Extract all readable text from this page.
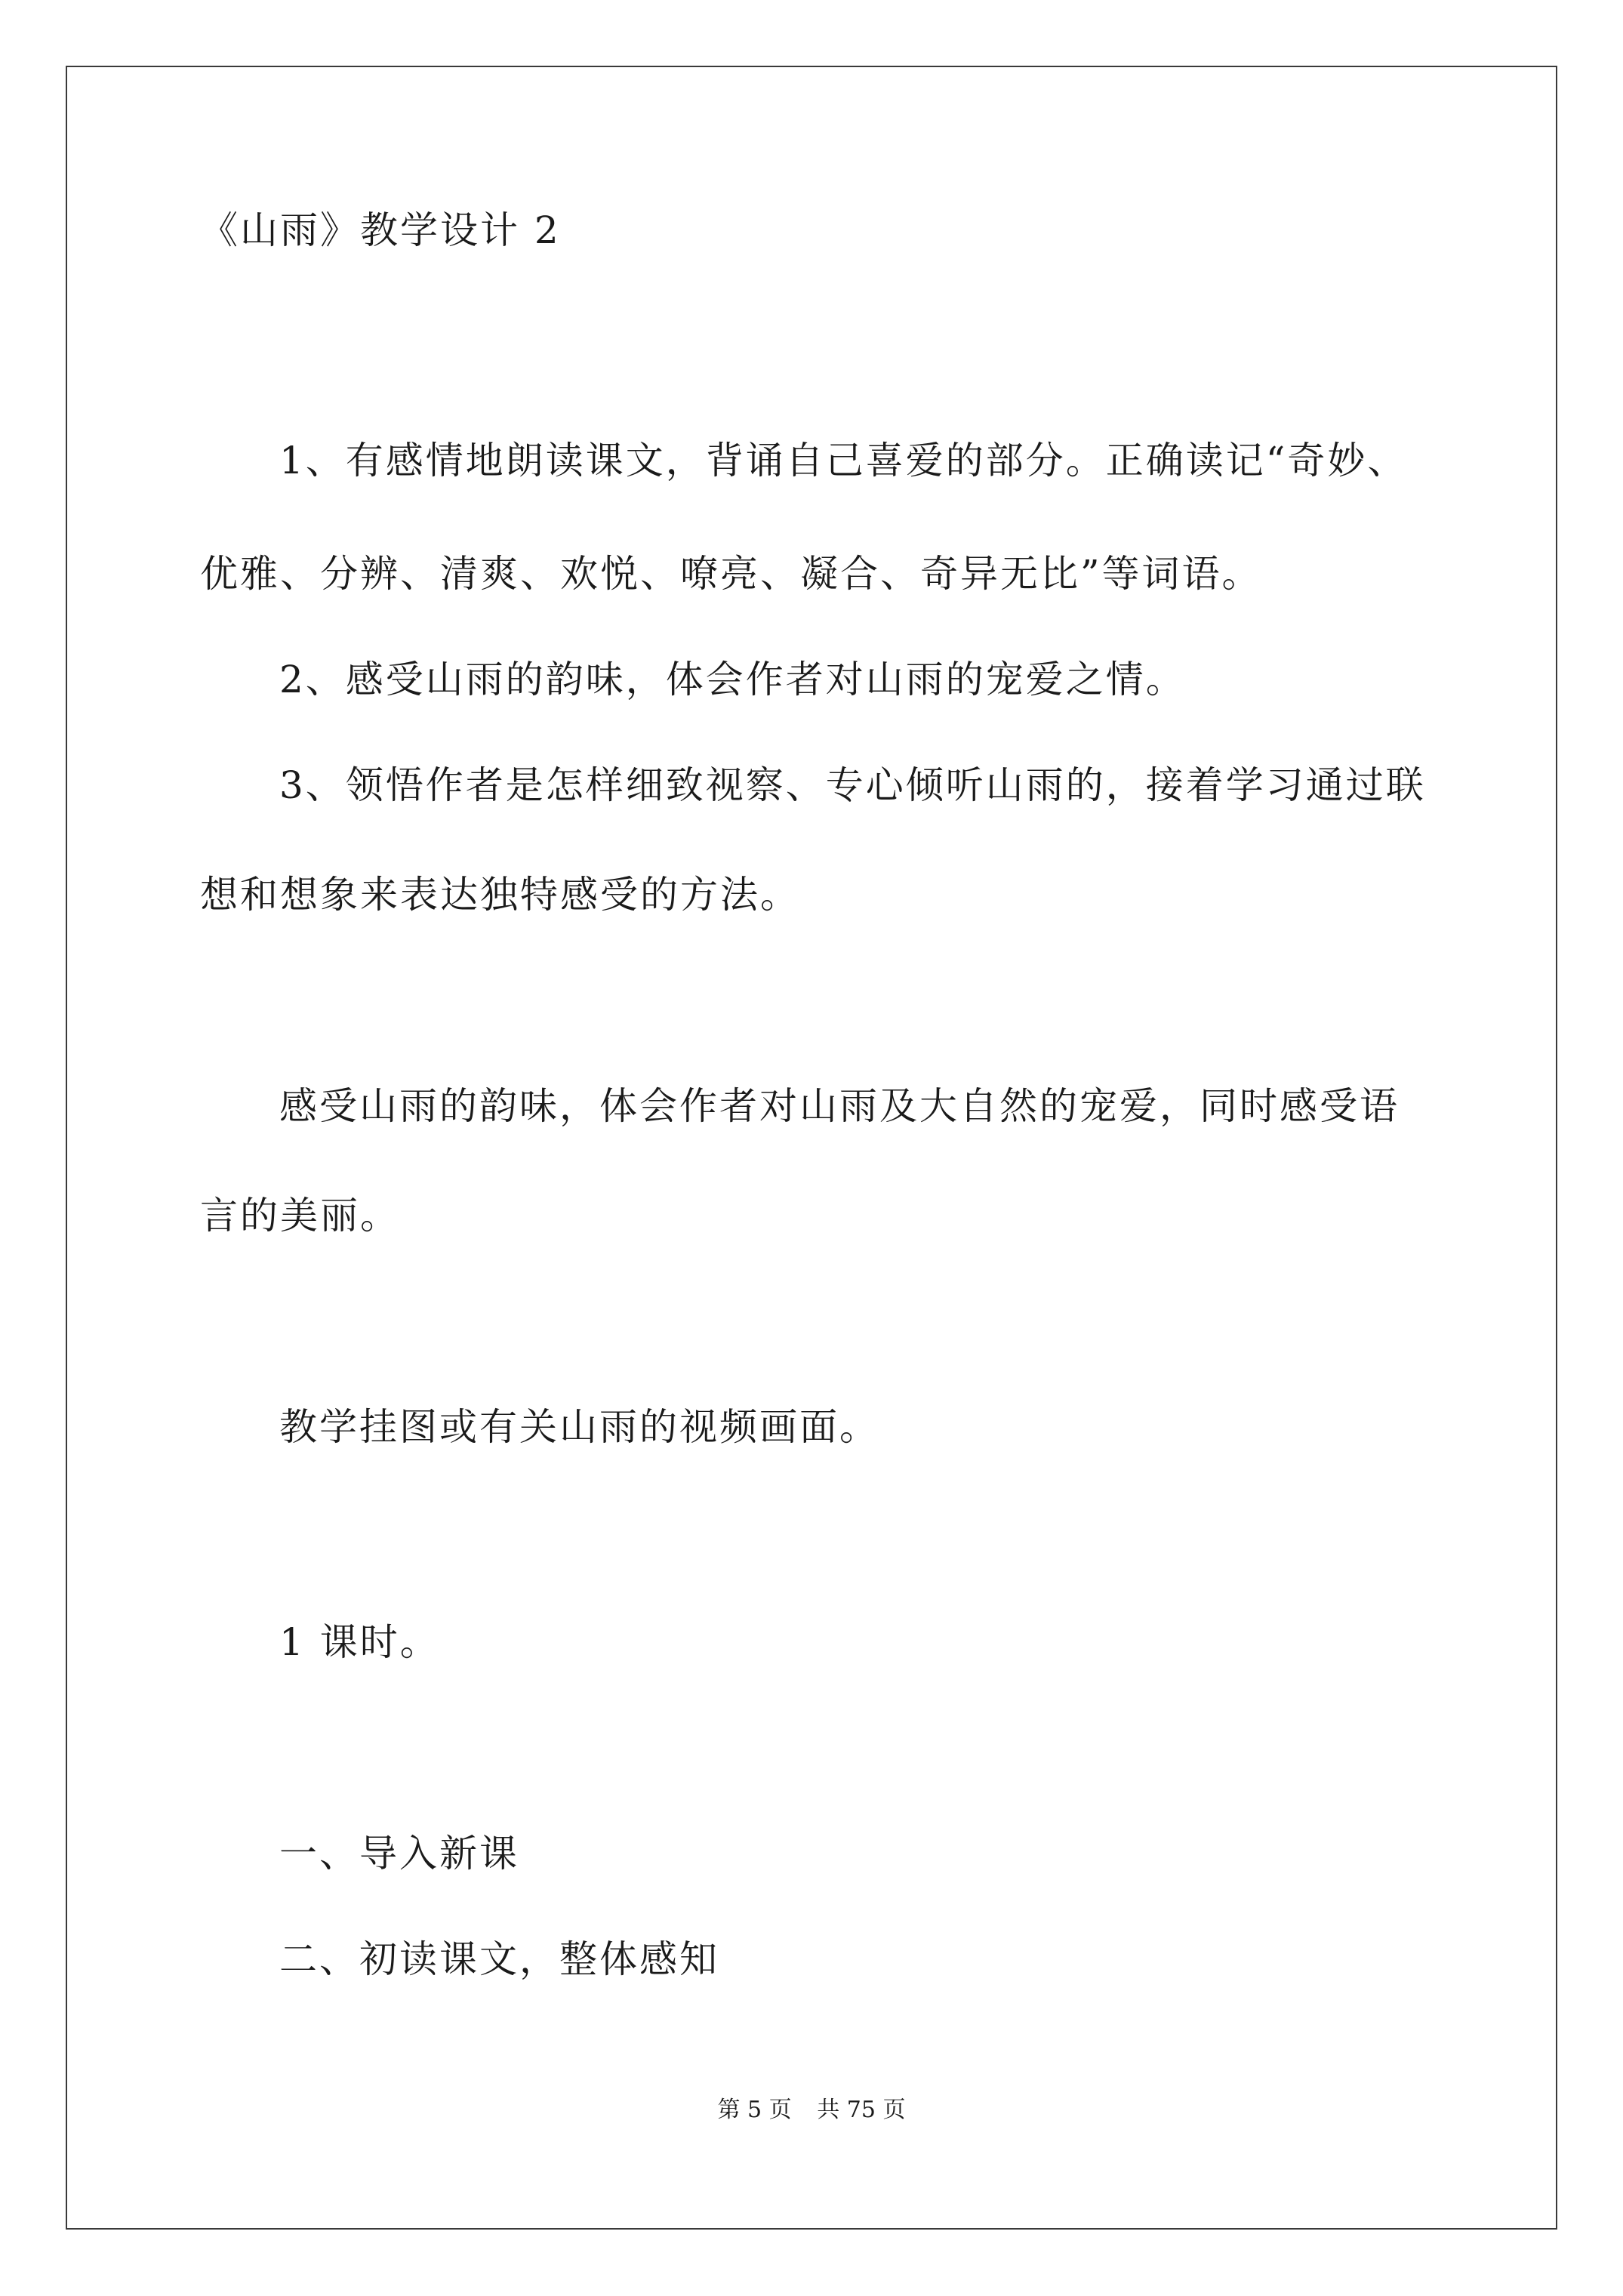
《山雨》教学设计 2
1、有感情地朗读课文，背诵自己喜爱的部分。正确读记“奇妙、
优雅、分辨、清爽、欢悦、嘹亮、凝合、奇异无比”等词语。
2、感受山雨的韵味，体会作者对山雨的宠爱之情。
3、领悟作者是怎样细致视察、专心倾听山雨的，接着学习通过联
想和想象来表达独特感受的方法。
感受山雨的韵味，体会作者对山雨及大自然的宠爱，同时感受语
言的美丽。
教学挂图或有关山雨的视频画面。
1 课时。
一、导入新课
二、初读课文，整体感知
第 5 页 共 75 页
